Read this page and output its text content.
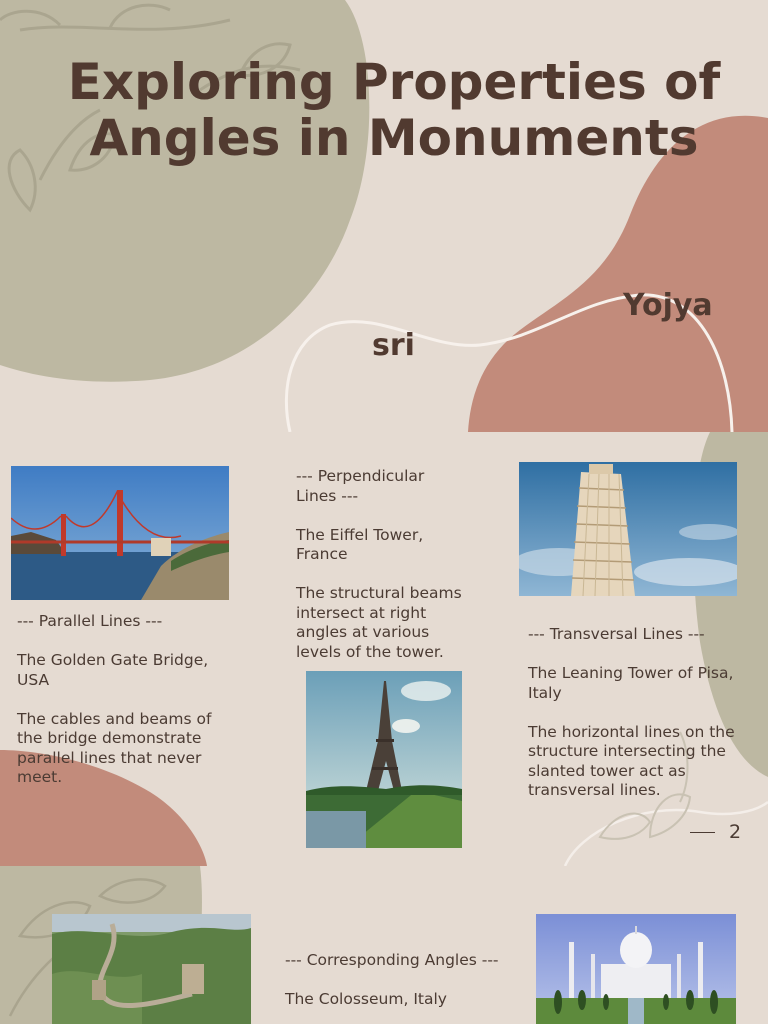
Exploring Properties of Angles in Monuments
Yojya
sri
--- Parallel Lines ---

The Golden Gate Bridge, USA

The cables and beams of the bridge demonstrate parallel lines that never meet.
--- Perpendicular Lines ---

The Eiffel Tower, France

The structural beams intersect at right angles at various levels of the tower.
--- Transversal Lines ---

The Leaning Tower of Pisa, Italy

The horizontal lines on the structure intersecting the slanted tower act as transversal lines.
2
--- Corresponding Angles ---

The Colosseum, Italy
